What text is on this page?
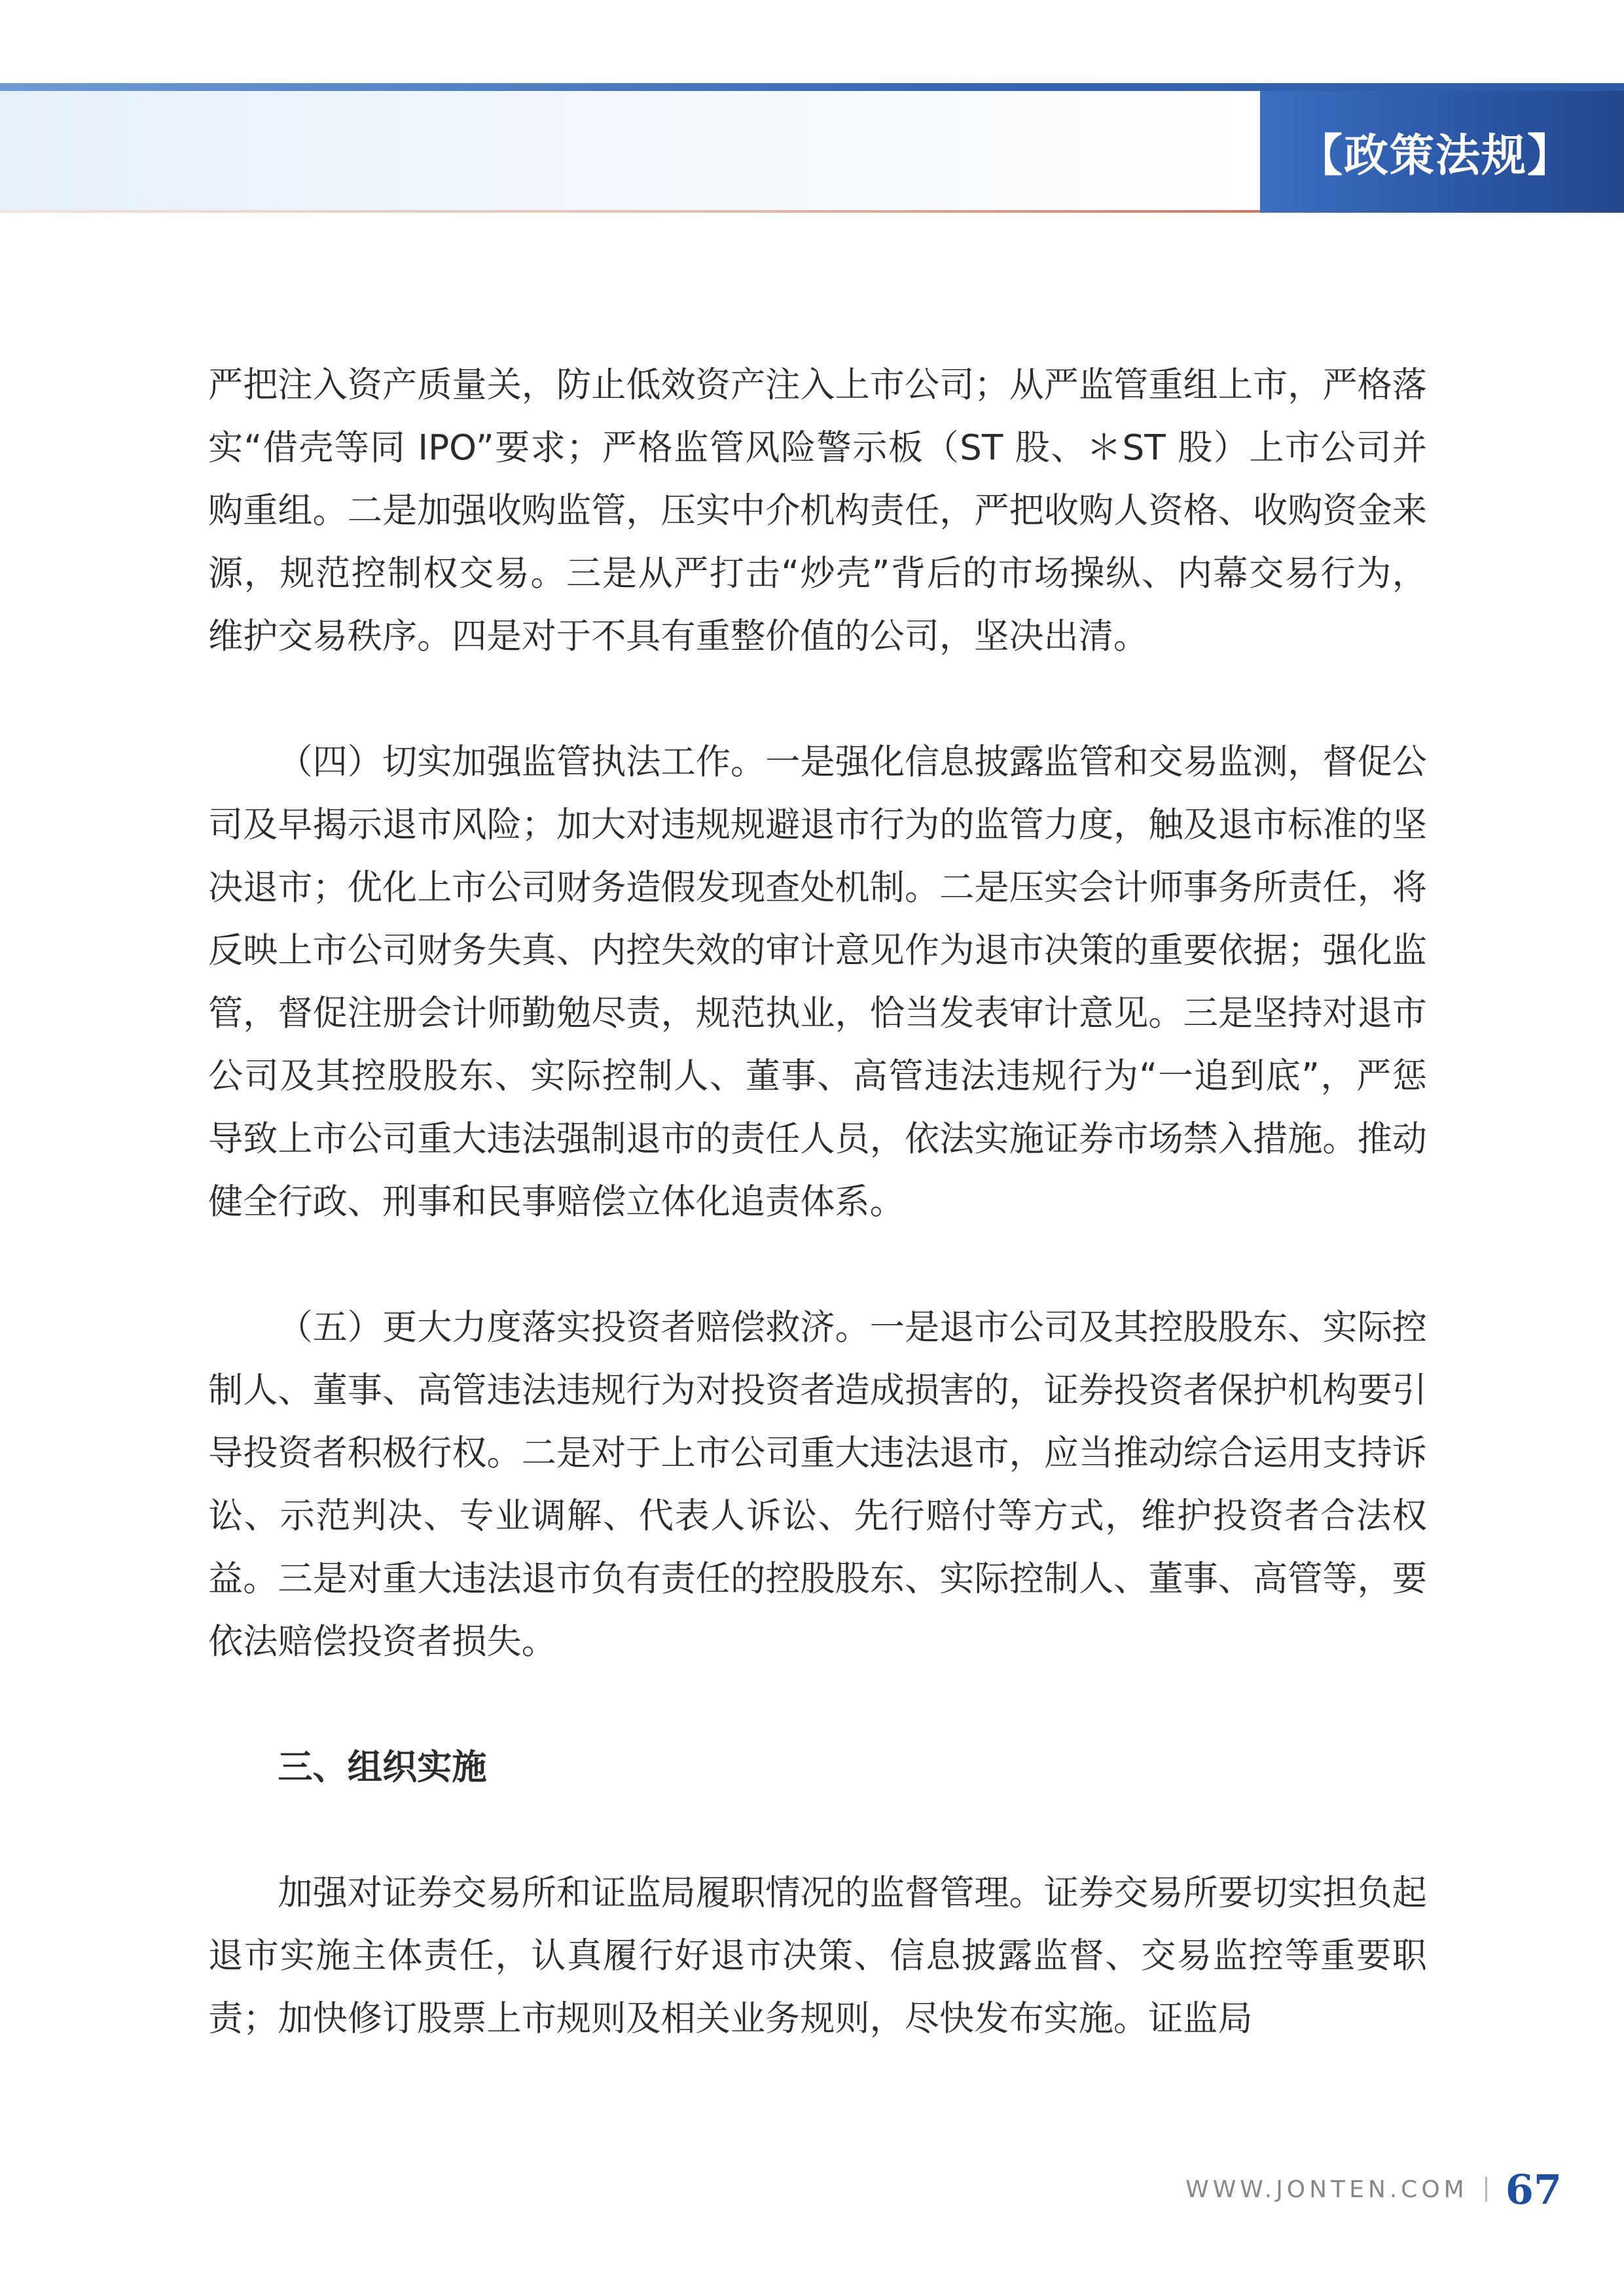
【政策法规】

严把注入资产质量关，防止低效资产注入上市公司；从严监管重组上市，严格落实“借壳等同 IPO”要求；严格监管风险警示板（ST 股、＊ST 股）上市公司并购重组。二是加强收购监管，压实中介机构责任，严把收购人资格、收购资金来源，规范控制权交易。三是从严打击“炒壳”背后的市场操纵、内幕交易行为，维护交易秩序。四是对于不具有重整价值的公司，坚决出清。

（四）切实加强监管执法工作。一是强化信息披露监管和交易监测，督促公司及早揭示退市风险；加大对违规规避退市行为的监管力度，触及退市标准的坚决退市；优化上市公司财务造假发现查处机制。二是压实会计师事务所责任，将反映上市公司财务失真、内控失效的审计意见作为退市决策的重要依据；强化监管，督促注册会计师勤勉尽责，规范执业，恰当发表审计意见。三是坚持对退市公司及其控股股东、实际控制人、董事、高管违法违规行为“一追到底”，严惩导致上市公司重大违法强制退市的责任人员，依法实施证券市场禁入措施。推动健全行政、刑事和民事赔偿立体化追责体系。

（五）更大力度落实投资者赔偿救济。一是退市公司及其控股股东、实际控制人、董事、高管违法违规行为对投资者造成损害的，证券投资者保护机构要引导投资者积极行权。二是对于上市公司重大违法退市，应当推动综合运用支持诉讼、示范判决、专业调解、代表人诉讼、先行赔付等方式，维护投资者合法权益。三是对重大违法退市负有责任的控股股东、实际控制人、董事、高管等，要依法赔偿投资者损失。

三、组织实施

加强对证券交易所和证监局履职情况的监督管理。证券交易所要切实担负起退市实施主体责任，认真履行好退市决策、信息披露监督、交易监控等重要职责；加快修订股票上市规则及相关业务规则，尽快发布实施。证监局

WWW.JONTEN.COM 67
